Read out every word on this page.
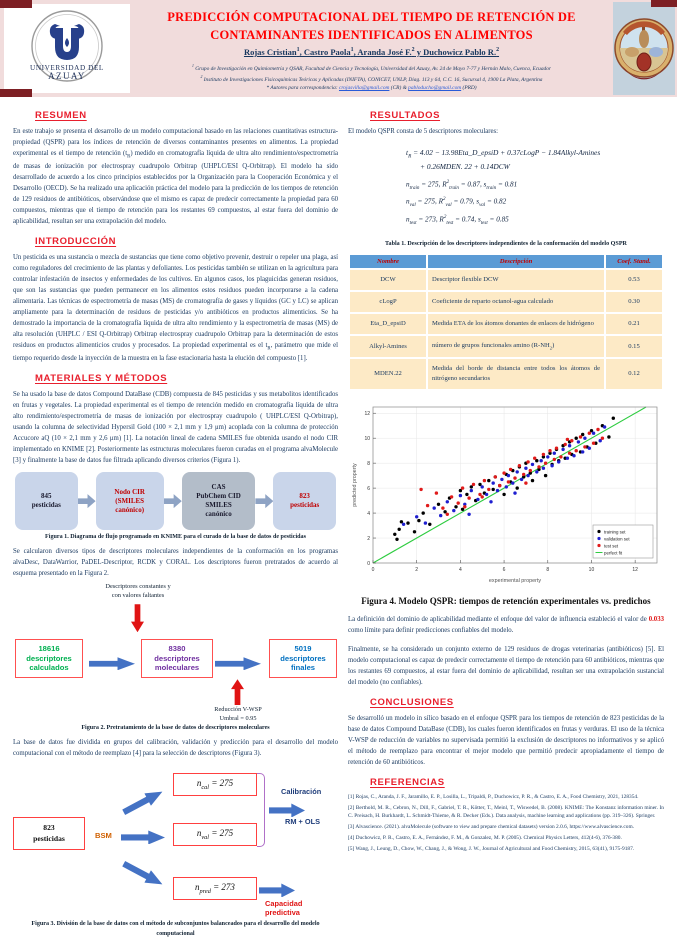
UNIVERSIDAD DEL
AZUAY
PREDICCIÓN COMPUTACIONAL DEL TIEMPO DE RETENCIÓN DE
CONTAMINANTES IDENTIFICADOS EN ALIMENTOS
Rojas Cristian$^1$, Castro Paola$^1$, Aranda José F.$^2$ y Duchowicz Pablo R.$^2$
$^1$ Grupo de Investigación en Quimiometría y QSAR, Facultad de Ciencia y Tecnología, Universidad del Azuay, Av. 24 de Mayo 7-77 y Hernán Malo, Cuenca, Ecuador
$^2$ Instituto de Investigaciones Fisicoquímicas Teóricas y Aplicadas (INIFTA), CONICET, UNLP, Diag. 113 y 64, C.C. 16, Sucursal 4, 1900 La Plata, Argentina
* Autores para correspondencia: crojasvilla@gmail.com (CR) & pabloducho@gmail.com (PRD)
RESUMEN
En este trabajo se presenta el desarrollo de un modelo computacional basado en las relaciones cuantitativas estructura-propiedad (QSPR) para los índices de retención de diversos contaminantes presentes en alimentos. La propiedad experimental es el tiempo de retención $(t_R)$ medido en cromatografía líquida de ultra alto rendimiento/espectrometría de masas de ionización por electrospray cuadrupolo Orbitrap (UHPLC/ESI Q-Orbitrap). El modelo ha sido desarrollado de acuerdo a los cinco principios establecidos por la Organización para la Cooperación Económica y el Desarrollo (OECD). Se ha realizado una aplicación práctica del modelo para la predicción de los tiempos de retención de 129 residuos de antibióticos, observándose que el mismo es capaz de predecir correctamente la propiedad para 60 compuestos, mientras que el tiempo de retención para los restantes 69 compuestos, al estar fuera del dominio de aplicabilidad, resultan ser una extrapolación del modelo.
INTRODUCCIÓN
Un pesticida es una sustancia o mezcla de sustancias que tiene como objetivo prevenir, destruir o repeler una plaga, así como reguladores del crecimiento de las plantas y defoliantes. Los pesticidas también se utilizan en la agricultura para controlar infestación de insectos y enfermedades de los cultivos. En algunos casos, los plaguicidas generan residuos, que son las sustancias que pueden permanecer en los alimentos estos residuos pueden incorporarse a la cadena alimentaria. Las técnicas de espectrometría de masas (MS) de cromatografía de gases y líquidos (GC y LC) se aplican ampliamente para la determinación de residuos de pesticidas y/o antibióticos en productos alimenticios. Se ha demostrado la importancia de la cromatografía líquida de ultra alto rendimiento y la espectrometría de masas (MS) de alta resolución (UHPLC / ESI Q-Orbitrap) Orbitrap electrospray cuadrupolo Orbitrap para la determinación de estos residuos en productos alimenticios crudos y procesados. La propiedad experimental es el $t_R$, parámetro que mide el tiempo requerido desde la inyección de la muestra en la fase estacionaria hasta la elución del compuesto [1].
MATERIALES Y MÉTODOS
Se ha usado la base de datos Compound DataBase (CDB) compuesta de 845 pesticidas y sus metabolitos identificados en frutas y vegetales. La propiedad experimental es el tiempo de retención medido en cromatografía líquida de ultra alto rendimiento/espectrometría de masas de ionización por electrospray cuadrupolo ( UHPLC/ESI Q-Orbitrap), usando la columna de selectividad Hypersil Gold (100 × 2,1 mm y 1,9 μm) acoplada con la columna de protección Accucore aQ (10 × 2,1 mm y 2,6 μm) [1]. La notación lineal de cadena SMILES fue obtenida usando el nodo CIR implementado en KNIME [2]. Posteriormente las estructuras moleculares fueron curadas en el programa alvaMolecule [3] y finalmente la base de datos fue filtrada aplicando diversos criterios (Figura 1).
845
pesticidas
Nodo CIR
(SMILES
canónico)
CAS
PubChem CID
SMILES
canónico
823
pesticidas
Figura 1. Diagrama de flujo programado en KNIME para el curado de la base de datos de pesticidas
Se calcularon diversos tipos de descriptores moleculares independientes de la conformación en los programas alvaDesc, DataWarrior, PaDEL-Descriptor, RCDK y CORAL. Los descriptores fueron pretratados de acuerdo al esquema presentado en la Figura 2.
Descriptores constantes y
con valores faltantes
18616
descriptores
calculados
8380
descriptores
moleculares
5019
descriptores
finales
Reducción V-WSP
Umbral = 0.95
Figura 2. Pretratamiento de la base de datos de descriptores moleculares
La base de datos fue dividida en grupos del calibración, validación y predicción para el desarrollo del modelo computacional con el método de reemplazo [4] para la selección de descriptores (Figura 3).
823
pesticidas	BSM
$n_{cal} = 275$
$n_{val} = 275$
$n_{pred} = 273$
Calibración
RM + OLS
Capacidad predictiva
Figura 3. División de la base de datos con el método de subconjuntos balanceados para el desarrollo del modelo
computacional
RESULTADOS
El modelo QSPR consta de 5 descriptores moleculares:
$t_R = 4.02$ − 13.98Eta_D_epsiD + 0.37cLogP − 1.84Alkyl-Amines
+ 0.26MDEN. 22 + 0.14DCW
$n_{train} = 275$, $R^2_{train} = 0.87$, $s_{train} = 0.81$
$n_{val} = 275$, $R^2_{val} = 0.79$, $s_{val} = 0.82$
$n_{test} = 273$, $R^2_{test} = 0.74$, $s_{test} = 0.85$
Tabla 1. Descripción de los descriptores independientes de la conformación del modelo QSPR
Nombre	Descripción	Coef. Stand.
DCW	Descriptor flexible DCW	0.53
cLogP	Coeficiente de reparto octanol-agua calculado	0.30
Eta_D_epsiD	Medida ETA de los átomos donantes de enlaces de hidrógeno	0.21
Alkyl-Amines	número de grupos funcionales amino $(R-NH_2)$	0.15
MDEN.22	Medida del borde de distancia entre todos los átomos de nitrógeno secundarios	0.12
0	2	4	6	8	10	12
0
2
4
6
8
10
12
experimental property
predicted property
training set
validation set
test set
perfect fit
Figura 4. Modelo QSPR: tiempos de retención experimentales vs. predichos
La definición del dominio de aplicabilidad mediante el enfoque del valor de influencia estableció el valor de 0.033 como límite para definir predicciones confiables del modelo.
Finalmente, se ha considerado un conjunto externo de 129 residuos de drogas veterinarias (antibióticos) [5]. El modelo computacional es capaz de predecir correctamente el tiempo de retención para 60 antibióticos, mientras que los restantes 69 compuestos, al estar fuera del dominio de aplicabilidad, resultan ser una extrapolación sustancial del modelo (no confiables).
CONCLUSIONES
Se desarrolló un modelo in sílico basado en el enfoque QSPR para los tiempos de retención de 823 pesticidas de la base de datos Compound DataBase (CDB), los cuales fueron identificados en frutas y verduras. El uso de la técnica V-WSP de reducción de variables no supervisada permitió la exclusión de descriptores no informativos y se aplicó el método de reemplazo para encontrar el mejor modelo que permitió predecir apropiadamente el tiempo de retención de 60 antibióticos.
REFERENCIAS
[1] Rojas, C., Aranda, J. F., Jaramillo, E. P., Losilla, L., Tripaldi, P., Duchowicz, P. R., & Castro, E. A., Food Chemistry, 2021, 128354.
[2] Berthold, M. R., Cebron, N., Dill, F., Gabriel, T. R., Kötter, T., Meinl, T., Wiswedel, B. (2008). KNIME: The Konstanz information miner. In C. Preisach, H. Burkhardt, L. Schmidt-Thieme, & R. Decker (Eds.). Data analysis, machine learning and applications (pp. 319–326). Springer.
[3] Alvascience. (2021). alvaMolecule (software to view and prepare chemical datasets) version 2.0.6, https://www.alvascience.com.
[4] Duchowicz, P. R., Castro, E. A., Fernández, F. M., & Gonzalez, M. P. (2005). Chemical Physics Letters, 412(4-6), 376-380.
[5] Wang, J., Leung, D., Chow, W., Chang, J., & Wong, J. W., Journal of Agricultural and Food Chemistry, 2015, 63(41), 9175-9187.
